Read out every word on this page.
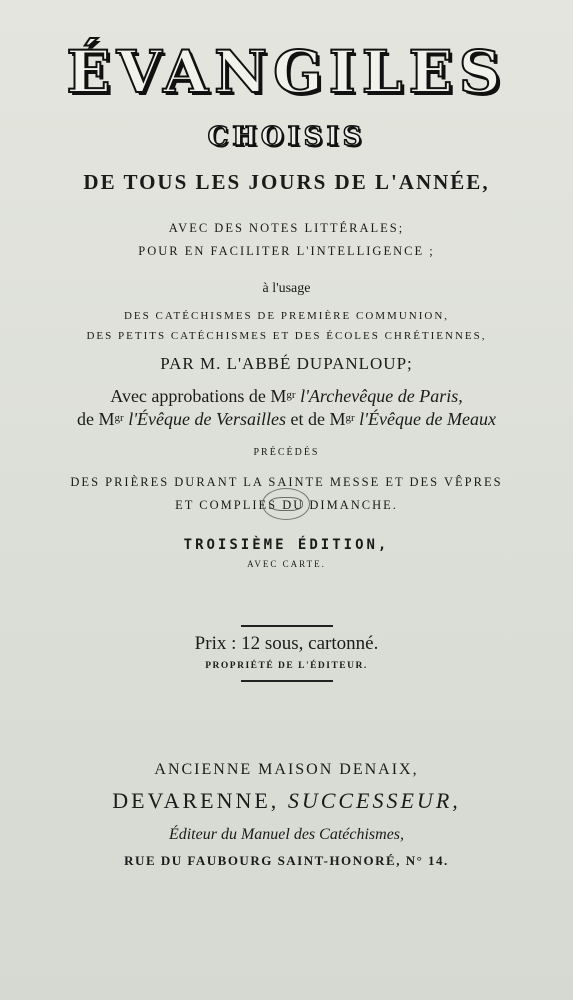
ÉVANGILES
CHOISIS
DE TOUS LES JOURS DE L'ANNÉE,
AVEC DES NOTES LITTÉRALES;
POUR EN FACILITER L'INTELLIGENCE ;
à l'usage
DES CATÉCHISMES DE PREMIÈRE COMMUNION,
DES PETITS CATÉCHISMES ET DES ÉCOLES CHRÉTIENNES,
PAR M. L'ABBÉ DUPANLOUP;
Avec approbations de $M^{gr}$ l'Archevêque de Paris,
de $M^{gr}$ l'Évêque de Versailles et de $M^{gr}$ l'Évêque de Meaux
PRÉCÉDÉS
DES PRIÈRES DURANT LA SAINTE MESSE ET DES VÊPRES
ET COMPLIES DU DIMANCHE.
TROISIÈME ÉDITION,
AVEC CARTE.
Prix : 12 sous, cartonné.
PROPRIÉTÉ DE L'ÉDITEUR.
ANCIENNE MAISON DENAIX,
DEVARENNE, SUCCESSEUR,
Éditeur du Manuel des Catéchismes,
RUE DU FAUBOURG SAINT-HONORÉ, N° 14.
